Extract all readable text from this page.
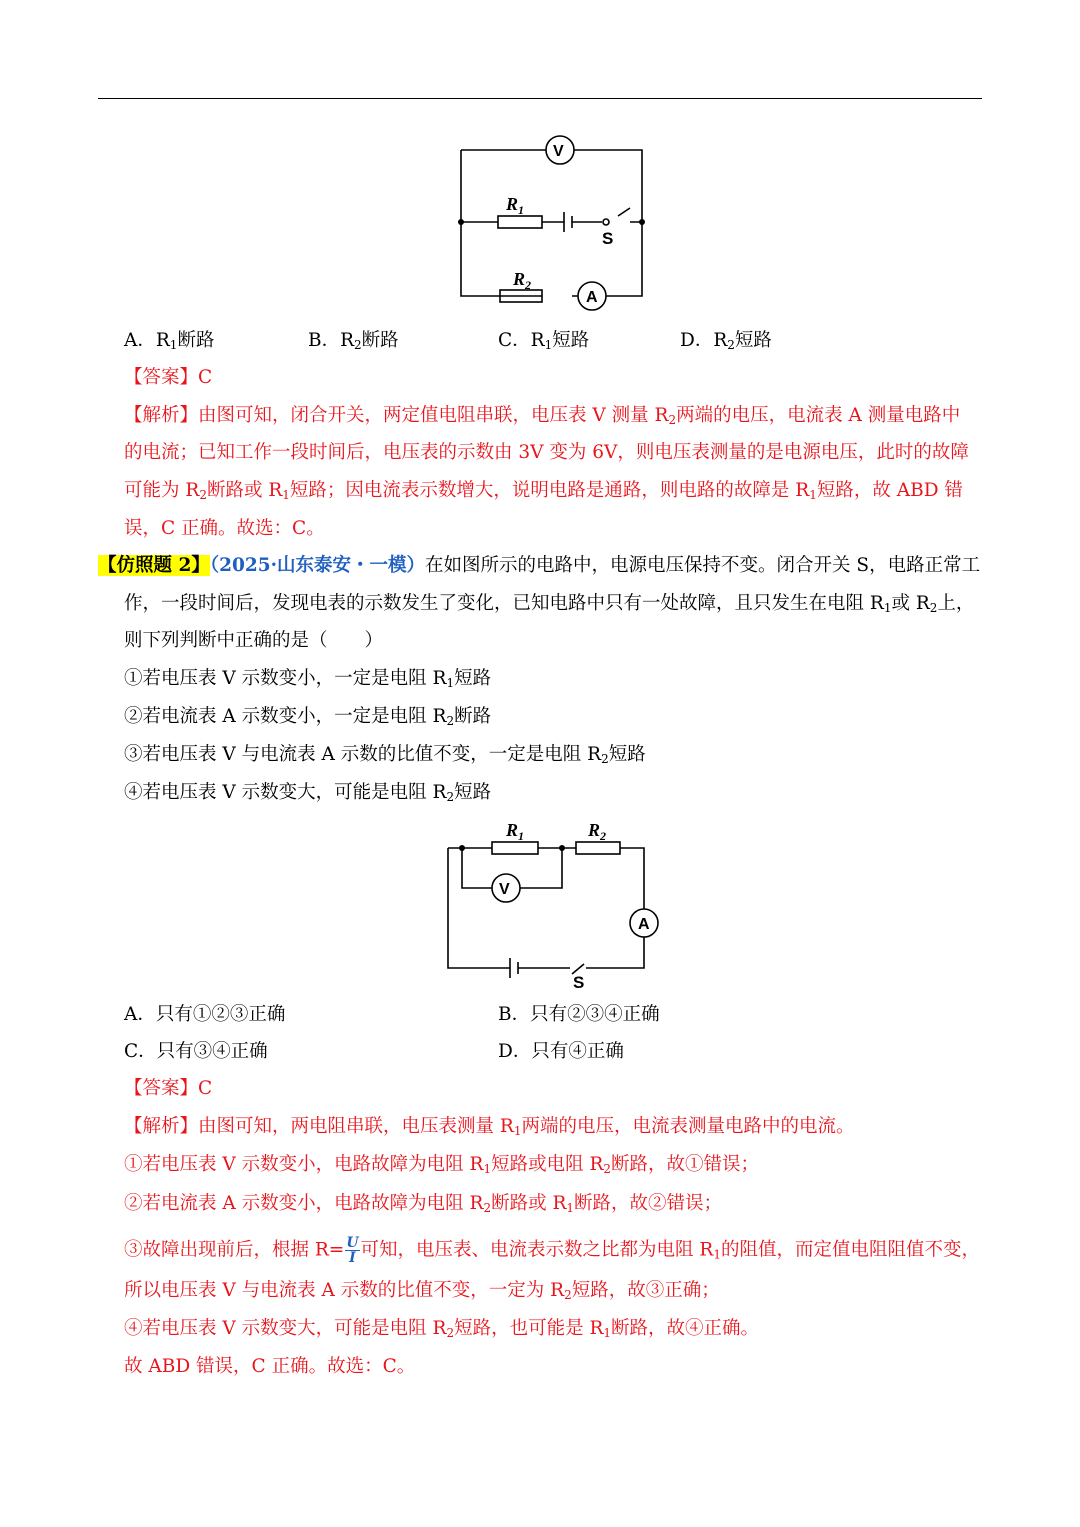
V
A
$R_1$
$R_2$
S
A．$R_1$断路	B．$R_2$断路	C．$R_1$短路	D．$R_2$短路
【答案】C
【解析】由图可知，闭合开关，两定值电阻串联，电压表 V 测量 $R_2$两端的电压，电流表 A 测量电路中
的电流；已知工作一段时间后，电压表的示数由 3V 变为 6V，则电压表测量的是电源电压，此时的故障
可能为 $R_2$断路或 $R_1$短路；因电流表示数增大，说明电路是通路，则电路的故障是 $R_1$短路，故 ABD 错
误，C 正确。故选：C。
【仿照题 2】（2025·山东泰安・一模）在如图所示的电路中，电源电压保持不变。闭合开关 S，电路正常工
作，一段时间后，发现电表的示数发生了变化，已知电路中只有一处故障，且只发生在电阻 $R_1$或 $R_2$上，
则下列判断中正确的是（　　）
①若电压表 V 示数变小，一定是电阻 $R_1$短路
②若电流表 A 示数变小，一定是电阻 $R_2$断路
③若电压表 V 与电流表 A 示数的比值不变，一定是电阻 $R_2$短路
④若电压表 V 示数变大，可能是电阻 $R_2$短路
V
A
$R_1$	$R_2$
S
A．只有①②③正确	B．只有②③④正确
C．只有③④正确	D．只有④正确
【答案】C
【解析】由图可知，两电阻串联，电压表测量 $R_1$两端的电压，电流表测量电路中的电流。
①若电压表 V 示数变小，电路故障为电阻 $R_1$短路或电阻 $R_2$断路，故①错误；
②若电流表 A 示数变小，电路故障为电阻 $R_2$断路或 $R_1$断路，故②错误；
③故障出现前后，根据 $R= \frac{U}{I}$ 可知，电压表、电流表示数之比都为电阻 $R_1$的阻值，而定值电阻阻值不变，
所以电压表 V 与电流表 A 示数的比值不变，一定为 $R_2$短路，故③正确；
④若电压表 V 示数变大，可能是电阻 $R_2$短路，也可能是 $R_1$断路，故④正确。
故 ABD 错误，C 正确。故选：C。
